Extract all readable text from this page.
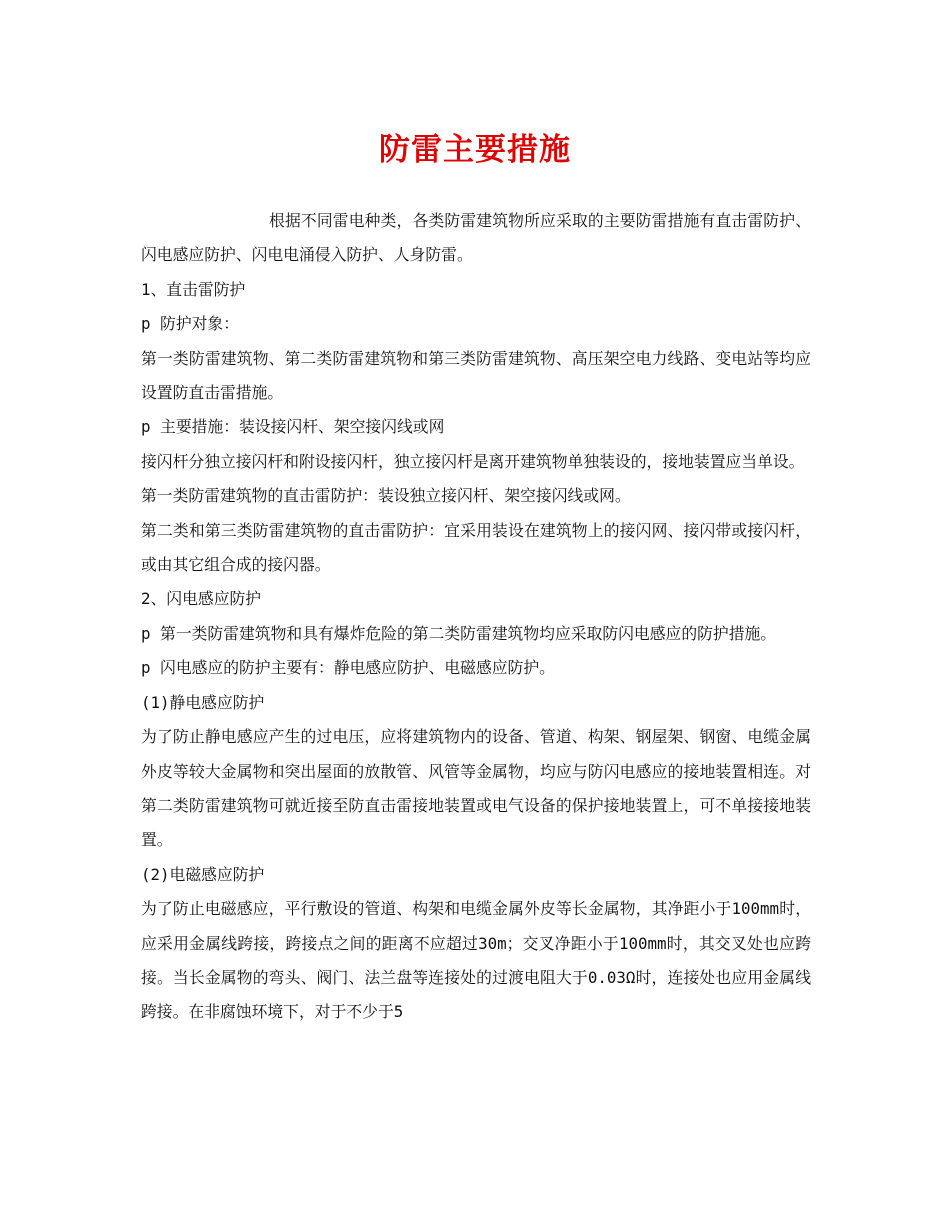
防雷主要措施

根据不同雷电种类，各类防雷建筑物所应采取的主要防雷措施有直击雷防护、闪电感应防护、闪电电涌侵入防护、人身防雷。

1、直击雷防护

p 防护对象：

第一类防雷建筑物、第二类防雷建筑物和第三类防雷建筑物、高压架空电力线路、变电站等均应设置防直击雷措施。

p 主要措施：装设接闪杆、架空接闪线或网

接闪杆分独立接闪杆和附设接闪杆，独立接闪杆是离开建筑物单独装设的，接地装置应当单设。

第一类防雷建筑物的直击雷防护：装设独立接闪杆、架空接闪线或网。

第二类和第三类防雷建筑物的直击雷防护：宜采用装设在建筑物上的接闪网、接闪带或接闪杆，或由其它组合成的接闪器。

2、闪电感应防护

p 第一类防雷建筑物和具有爆炸危险的第二类防雷建筑物均应采取防闪电感应的防护措施。

p 闪电感应的防护主要有：静电感应防护、电磁感应防护。

(1)静电感应防护

为了防止静电感应产生的过电压，应将建筑物内的设备、管道、构架、钢屋架、钢窗、电缆金属外皮等较大金属物和突出屋面的放散管、风管等金属物，均应与防闪电感应的接地装置相连。对第二类防雷建筑物可就近接至防直击雷接地装置或电气设备的保护接地装置上，可不单接接地装置。

(2)电磁感应防护

为了防止电磁感应，平行敷设的管道、构架和电缆金属外皮等长金属物，其净距小于100mm时，应采用金属线跨接，跨接点之间的距离不应超过30m；交叉净距小于100mm时，其交叉处也应跨接。当长金属物的弯头、阀门、法兰盘等连接处的过渡电阻大于0.03Ω时，连接处也应用金属线跨接。在非腐蚀环境下，对于不少于5
